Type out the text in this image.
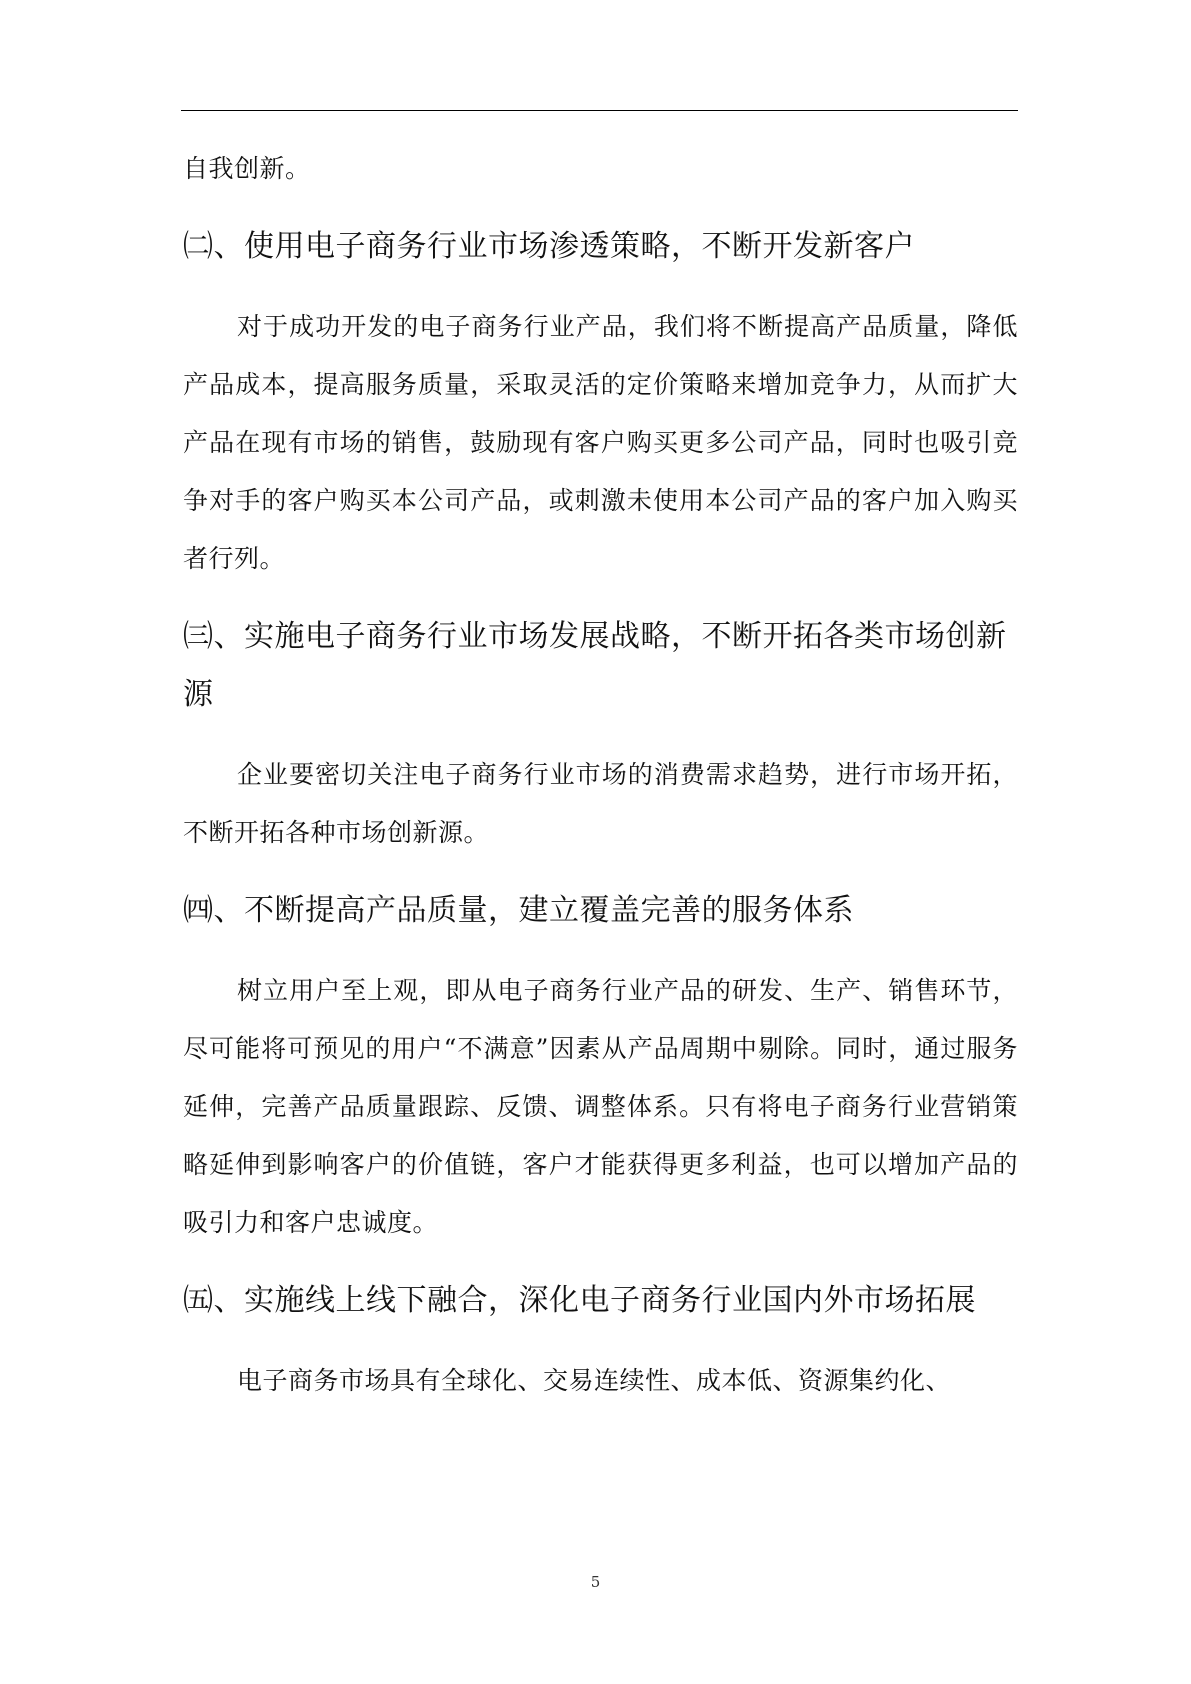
自我创新。

㈡、使用电子商务行业市场渗透策略，不断开发新客户

对于成功开发的电子商务行业产品，我们将不断提高产品质量，降低产品成本，提高服务质量，采取灵活的定价策略来增加竞争力，从而扩大产品在现有市场的销售，鼓励现有客户购买更多公司产品，同时也吸引竞争对手的客户购买本公司产品，或刺激未使用本公司产品的客户加入购买者行列。

㈢、实施电子商务行业市场发展战略，不断开拓各类市场创新源

企业要密切关注电子商务行业市场的消费需求趋势，进行市场开拓，不断开拓各种市场创新源。

㈣、不断提高产品质量，建立覆盖完善的服务体系

树立用户至上观，即从电子商务行业产品的研发、生产、销售环节，尽可能将可预见的用户“不满意”因素从产品周期中剔除。同时，通过服务延伸，完善产品质量跟踪、反馈、调整体系。只有将电子商务行业营销策略延伸到影响客户的价值链，客户才能获得更多利益，也可以增加产品的吸引力和客户忠诚度。

㈤、实施线上线下融合，深化电子商务行业国内外市场拓展

电子商务市场具有全球化、交易连续性、成本低、资源集约化、

5
